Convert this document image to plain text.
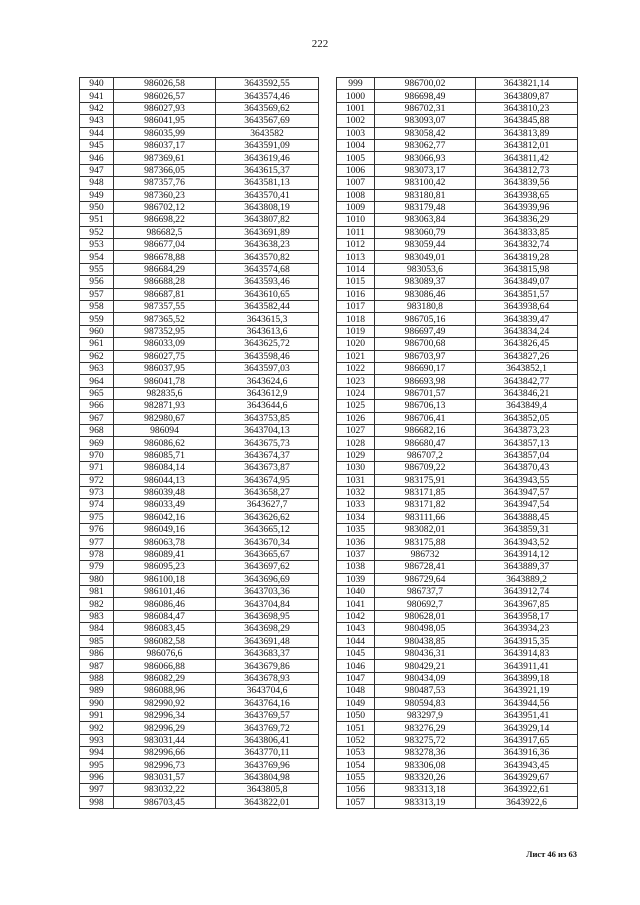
222
940	986026,58	3643592,55
941	986026,57	3643574,46
942	986027,93	3643569,62
943	986041,95	3643567,69
944	986035,99	3643582
945	986037,17	3643591,09
946	987369,61	3643619,46
947	987366,05	3643615,37
948	987357,76	3643581,13
949	987360,23	3643570,41
950	986702,12	3643808,19
951	986698,22	3643807,82
952	986682,5	3643691,89
953	986677,04	3643638,23
954	986678,88	3643570,82
955	986684,29	3643574,68
956	986688,28	3643593,46
957	986687,81	3643610,65
958	987357,55	3643582,44
959	987365,52	3643615,3
960	987352,95	3643613,6
961	986033,09	3643625,72
962	986027,75	3643598,46
963	986037,95	3643597,03
964	986041,78	3643624,6
965	982835,6	3643612,9
966	982871,93	3643644,6
967	982980,67	3643753,85
968	986094	3643704,13
969	986086,62	3643675,73
970	986085,71	3643674,37
971	986084,14	3643673,87
972	986044,13	3643674,95
973	986039,48	3643658,27
974	986033,49	3643627,7
975	986042,16	3643626,62
976	986049,16	3643665,12
977	986063,78	3643670,34
978	986089,41	3643665,67
979	986095,23	3643697,62
980	986100,18	3643696,69
981	986101,46	3643703,36
982	986086,46	3643704,84
983	986084,47	3643698,95
984	986083,45	3643698,29
985	986082,58	3643691,48
986	986076,6	3643683,37
987	986066,88	3643679,86
988	986082,29	3643678,93
989	986088,96	3643704,6
990	982990,92	3643764,16
991	982996,34	3643769,57
992	982996,29	3643769,72
993	983031,44	3643806,41
994	982996,66	3643770,11
995	982996,73	3643769,96
996	983031,57	3643804,98
997	983032,22	3643805,8
998	986703,45	3643822,01
999	986700,02	3643821,14
1000	986698,49	3643809,87
1001	986702,31	3643810,23
1002	983093,07	3643845,88
1003	983058,42	3643813,89
1004	983062,77	3643812,01
1005	983066,93	3643811,42
1006	983073,17	3643812,73
1007	983100,42	3643839,56
1008	983180,81	3643938,65
1009	983179,48	3643939,96
1010	983063,84	3643836,29
1011	983060,79	3643833,85
1012	983059,44	3643832,74
1013	983049,01	3643819,28
1014	983053,6	3643815,98
1015	983089,37	3643849,07
1016	983086,46	3643851,57
1017	983180,8	3643938,64
1018	986705,16	3643839,47
1019	986697,49	3643834,24
1020	986700,68	3643826,45
1021	986703,97	3643827,26
1022	986690,17	3643852,1
1023	986693,98	3643842,77
1024	986701,57	3643846,21
1025	986706,13	3643849,4
1026	986706,41	3643852,05
1027	986682,16	3643873,23
1028	986680,47	3643857,13
1029	986707,2	3643857,04
1030	986709,22	3643870,43
1031	983175,91	3643943,55
1032	983171,85	3643947,57
1033	983171,82	3643947,54
1034	983111,66	3643888,45
1035	983082,01	3643859,31
1036	983175,88	3643943,52
1037	986732	3643914,12
1038	986728,41	3643889,37
1039	986729,64	3643889,2
1040	986737,7	3643912,74
1041	980692,7	3643967,85
1042	980628,01	3643958,17
1043	980498,05	3643934,23
1044	980438,85	3643915,35
1045	980436,31	3643914,83
1046	980429,21	3643911,41
1047	980434,09	3643899,18
1048	980487,53	3643921,19
1049	980594,83	3643944,56
1050	983297,9	3643951,41
1051	983276,29	3643929,14
1052	983275,72	3643917,65
1053	983278,36	3643916,36
1054	983306,08	3643943,45
1055	983320,26	3643929,67
1056	983313,18	3643922,61
1057	983313,19	3643922,6
Лист 46 из 63
